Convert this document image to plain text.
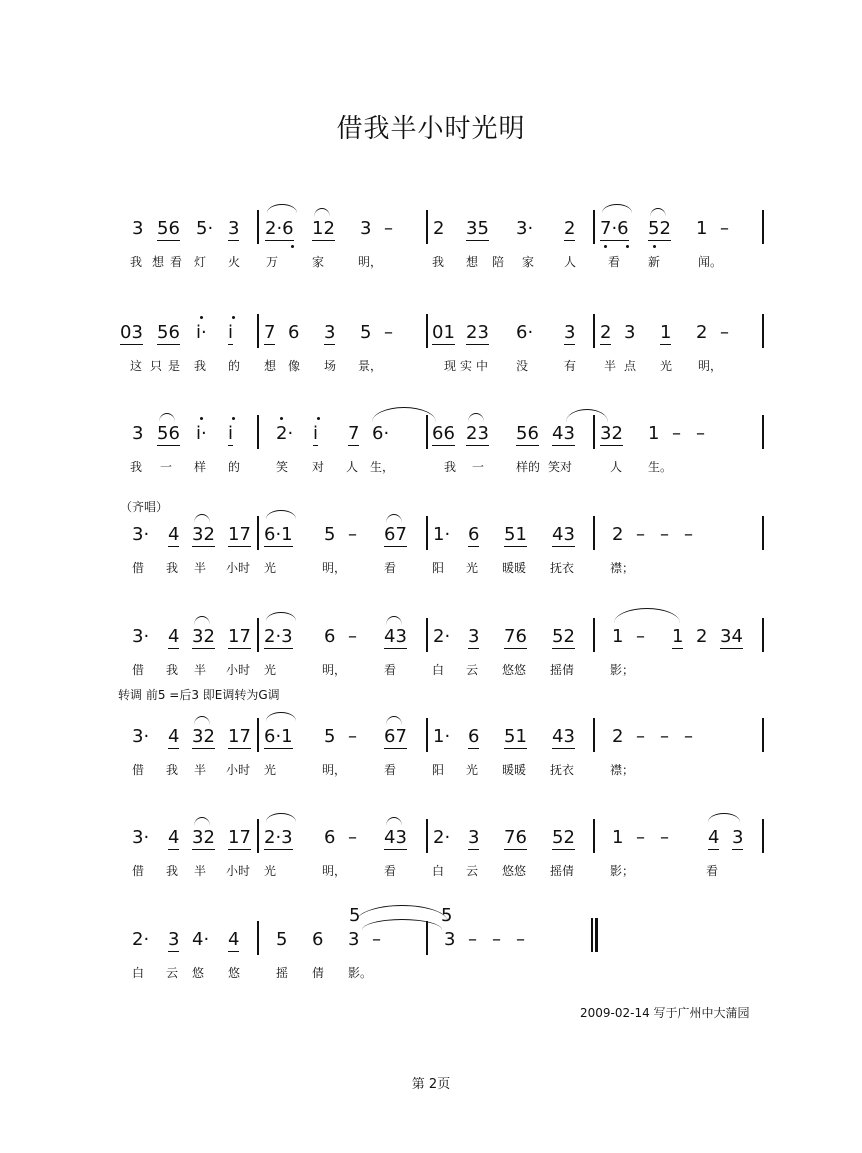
借我半小时光明
3 56 5· 3 2·6 12 3 – 2 35 3· 2 7·6 52 1 –
我 想 看 灯 火 万	家	明，	我 想 陪 家 人	看 新	闻。
03 56 i· i 7 6 3 5 – 01 23 6· 3 2 3 1 2 –
这 只 是 我 的 想 像 场 景，	现 实 中 没	有 半 点 光 明，
3 56 i· i 2· i 7 6· 66 23 56 43 32 1 – –
我 一 样 的	笑 对 人 生，	我 一	样的 笑对	人 生。
（齐唱）
3· 4 32 17 6·1 5 – 67 1· 6 51 43 2 – – –
借 我 半 小时 光	明，	看	阳 光 暖暖 抚衣	襟；
3· 4 32 17 2·3 6 – 43 2· 3 76 52 1 – 1 2 34
借 我 半 小时 光	明，	看	白 云 悠悠 摇倩	影；
转调 前5 =后3 即E调转为G调
3· 4 32 17 6·1 5 – 67 1· 6 51 43 2 – – –
借 我 半 小时 光	明，	看	阳 光 暖暖 抚衣	襟；
3· 4 32 17 2·3 6 – 43 2· 3 76 52 1 – – 4 3
借 我 半 小时 光	明，	看	白 云 悠悠 摇倩	影；	看
2· 3 4· 4 5 6 3 –	3 – – –
5	5
白 云 悠 悠	摇 倩 影。
2009-02-14 写于广州中大蒲园
第 2页
